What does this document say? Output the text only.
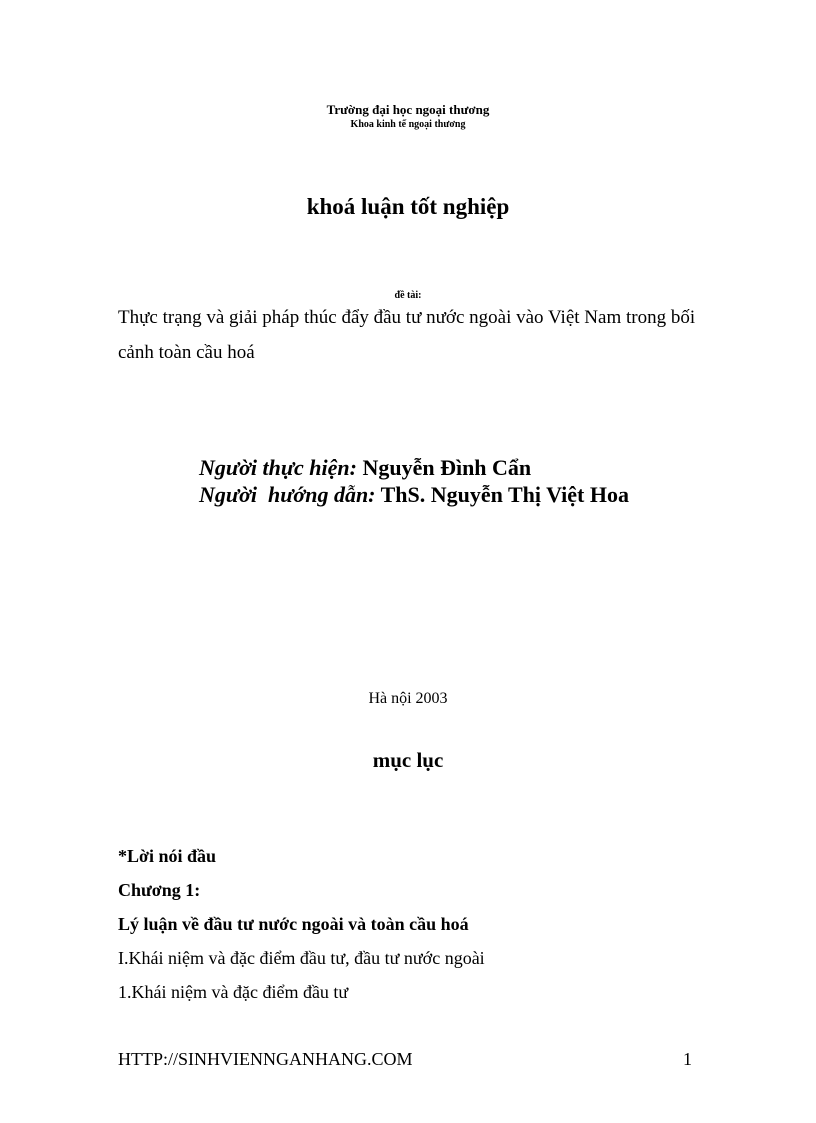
Trường đại học ngoại thương
Khoa kinh tế ngoại thương
khoá luận tốt nghiệp
đề tài:
Thực trạng và giải pháp thúc đẩy đầu tư nước ngoài vào Việt Nam trong bối
cảnh toàn cầu hoá
Người thực hiện: Nguyễn Đình Cẩn
Người  hướng dẫn: ThS. Nguyễn Thị Việt Hoa
Hà nội 2003
mục lục
*Lời nói đầu
Chương 1:
Lý luận về đầu tư nước ngoài và toàn cầu hoá
I.Khái niệm và đặc điểm đầu tư, đầu tư nước ngoài
1.Khái niệm và đặc điểm đầu tư
HTTP://SINHVIENNGANHANG.COM	1
